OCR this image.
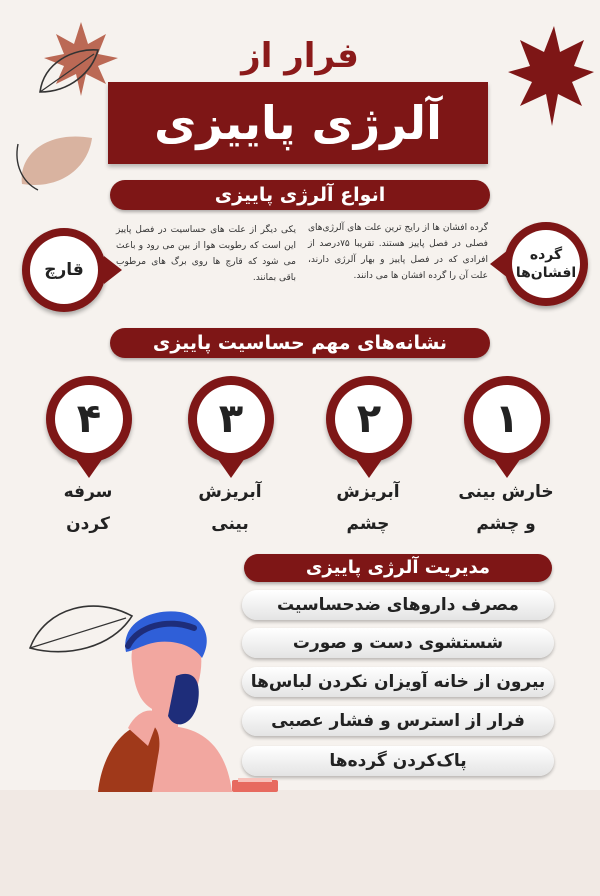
فرار از
آلرژی پاییزی
انواع آلرژی پاییزی
گرده
افشان‌ها
گرده افشان ها از رایج ترین علت های آلرژی‌های فصلی در فصل پاییز هستند. تقریبا ۷۵درصد از افرادی که در فصل پاییز و بهار آلرژی دارند، علت آن را گرده افشان ها می دانند.
قارچ
یکی دیگر از علت های حساسیت در فصل پاییز این است که رطوبت هوا از بین می رود و باعث می شود که قارچ ها روی برگ های مرطوب باقی بمانند.
نشانه‌های مهم حساسیت پاییزی
۱
خارش بینی
و چشم
۲
آبریزش
چشم
۳
آبریزش
بینی
۴
سرفه
کردن
مدیریت آلرژی پاییزی
مصرف داروهای ضدحساسیت
شستشوی دست و صورت
بیرون از خانه آویزان نکردن لباس‌ها
فرار از استرس و فشار عصبی
پاک‌کردن گرده‌ها
